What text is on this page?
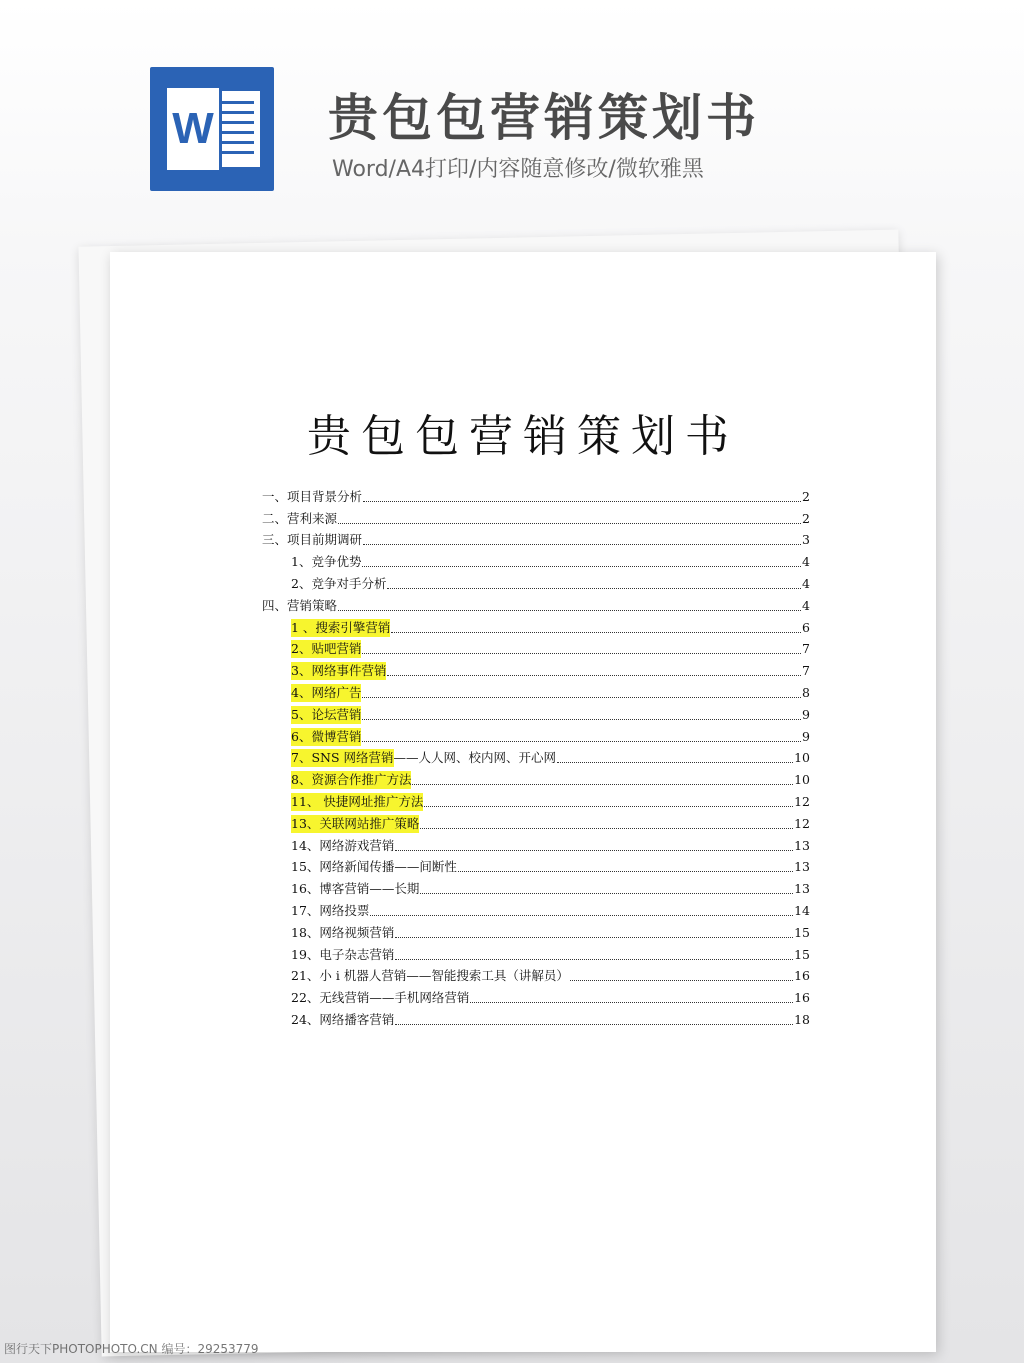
W 贵包包营销策划书
Word/A4打印/内容随意修改/微软雅黑
贵包包营销策划书
一、项目背景分析	2
二、营利来源	2
三、项目前期调研	3
1、竞争优势	4
2、竞争对手分析	4
四、营销策略	4
1 、搜索引擎营销	6
2、贴吧营销	7
3、网络事件营销	7
4、网络广告	8
5、论坛营销	9
6、微博营销	9
7、SNS 网络营销 ——人人网、校内网、开心网	10
8、资源合作推广方法	10
11、 快捷网址推广方法	12
13、关联网站推广策略	12
14、网络游戏营销	13
15、网络新闻传播——间断性	13
16、博客营销——长期	13
17、网络投票	14
18、网络视频营销	15
19、电子杂志营销	15
21、小 i 机器人营销——智能搜索工具（讲解员）	16
22、无线营销——手机网络营销	16
24、网络播客营销	18
图行天下PHOTOPHOTO.CN 编号：29253779
